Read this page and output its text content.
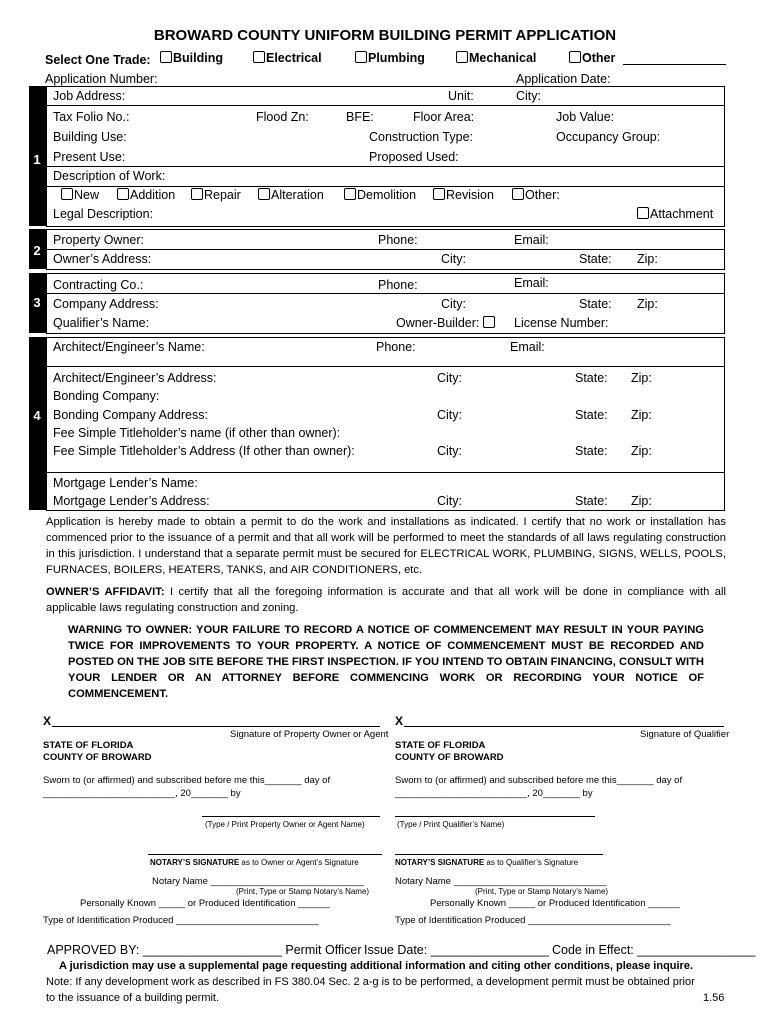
BROWARD COUNTY UNIFORM BUILDING PERMIT APPLICATION
Select One Trade:	Building	Electrical	Plumbing	Mechanical	Other
Application Number:	Application Date:
1
Job Address:	Unit:	City:
Tax Folio No.:	Flood Zn:	BFE:	Floor Area:	Job Value:
Building Use:	Construction Type:	Occupancy Group:
Present Use:	Proposed Used:
Description of Work:
New	Addition	Repair	Alteration	Demolition	Revision	Other:
Legal Description:	Attachment
2
Property Owner:	Phone:	Email:
Owner’s Address:	City:	State: Zip:
3
Contracting Co.:	Phone:	Email:
Company Address:	City:	State: Zip:
Qualifier’s Name:	Owner-Builder:	License Number:
4
Architect/Engineer’s Name:	Phone:	Email:
Architect/Engineer’s Address:	City:	State: Zip:
Bonding Company:
Bonding Company Address:	City:	State: Zip:
Fee Simple Titleholder’s name (if other than owner):
Fee Simple Titleholder’s Address (If other than owner):	City:	State: Zip:
Mortgage Lender’s Name:
Mortgage Lender’s Address:	City:	State: Zip:
Application is hereby made to obtain a permit to do the work and installations as indicated. I certify that no work or installation has commenced prior to the issuance of a permit and that all work will be performed to meet the standards of all laws regulating construction in this jurisdiction. I understand that a separate permit must be secured for ELECTRICAL WORK, PLUMBING, SIGNS, WELLS, POOLS, FURNACES, BOILERS, HEATERS, TANKS, and AIR CONDITIONERS, etc.
OWNER’S AFFIDAVIT: I certify that all the foregoing information is accurate and that all work will be done in compliance with all applicable laws regulating construction and zoning.
WARNING TO OWNER: YOUR FAILURE TO RECORD A NOTICE OF COMMENCEMENT MAY RESULT IN YOUR PAYING TWICE FOR IMPROVEMENTS TO YOUR PROPERTY. A NOTICE OF COMMENCEMENT MUST BE RECORDED AND POSTED ON THE JOB SITE BEFORE THE FIRST INSPECTION. IF YOU INTEND TO OBTAIN FINANCING, CONSULT WITH YOUR LENDER OR AN ATTORNEY BEFORE COMMENCING WORK OR RECORDING YOUR NOTICE OF COMMENCEMENT.
X
Signature of Property Owner or Agent
STATE OF FLORIDA
COUNTY OF BROWARD
Sworn to (or affirmed) and subscribed before me this_______ day of
_________________________, 20_______ by
(Type / Print Property Owner or Agent Name)
NOTARY’S SIGNATURE as to Owner or Agent’s Signature
Notary Name _____________________________
(Print, Type or Stamp Notary’s Name)
Personally Known _____ or Produced Identification ______
Type of Identification Produced ___________________________
X
Signature of Qualifier
STATE OF FLORIDA
COUNTY OF BROWARD
Sworn to (or affirmed) and subscribed before me this_______ day of
_________________________, 20_______ by
(Type / Print Qualifier’s Name)
NOTARY’S SIGNATURE as to Qualifier’s Signature
Notary Name _____________________________
(Print, Type or Stamp Notary’s Name)
Personally Known _____ or Produced Identification ______
Type of Identification Produced ___________________________
APPROVED BY: ____________________ Permit Officer Issue Date: _________________ Code in Effect: _________________
A jurisdiction may use a supplemental page requesting additional information and citing other conditions, please inquire.
Note: If any development work as described in FS 380.04 Sec. 2 a-g is to be performed, a development permit must be obtained prior
to the issuance of a building permit.	1.56
